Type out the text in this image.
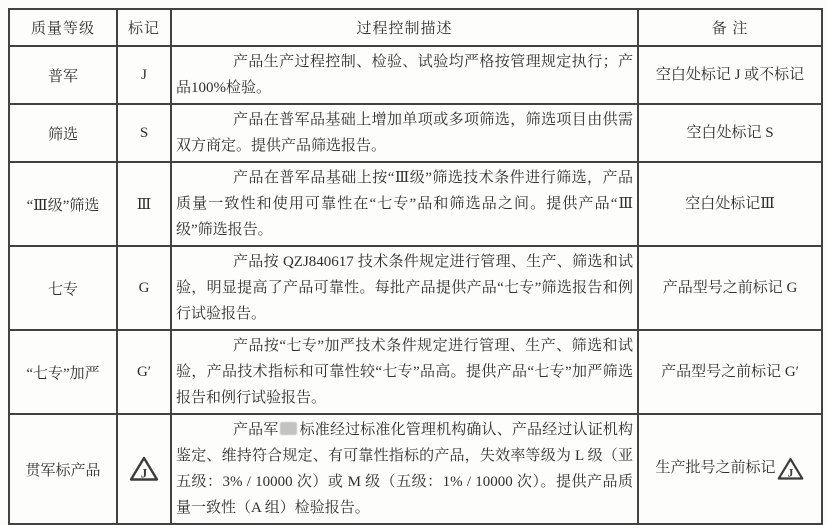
质量等级	标记	过程控制描述	备 注
普军	J	产品生产过程控制、检验、试验均严格按管理规定执行；产品100%检验。	空白处标记 J 或不标记
筛选	S	产品在普军品基础上增加单项或多项筛选，筛选项目由供需双方商定。提供产品筛选报告。	空白处标记 S
“Ⅲ级”筛选	Ⅲ	产品在普军品基础上按“Ⅲ级”筛选技术条件进行筛选，产品质量一致性和使用可靠性在“七专”品和筛选品之间。提供产品“Ⅲ级”筛选报告。	空白处标记Ⅲ
七专	G	产品按 QZJ840617 技术条件规定进行管理、生产、筛选和试验，明显提高了产品可靠性。每批产品提供产品“七专”筛选报告和例行试验报告。	产品型号之前标记 G
“七专”加严	G′	产品按“七专”加严技术条件规定进行管理、生产、筛选和试验，产品技术指标和可靠性较“七专”品高。提供产品“七专”加严筛选报告和例行试验报告。	产品型号之前标记 G′
贯军标产品	J	产品军 标准经过标准化管理机构确认、产品经过认证机构鉴定、维持符合规定、有可靠性指标的产品，失效率等级为 L 级（亚五级：3% / 10000 次）或 M 级（五级：1% / 10000 次）。提供产品质量一致性（A 组）检验报告。	生产批号之前标记 J
